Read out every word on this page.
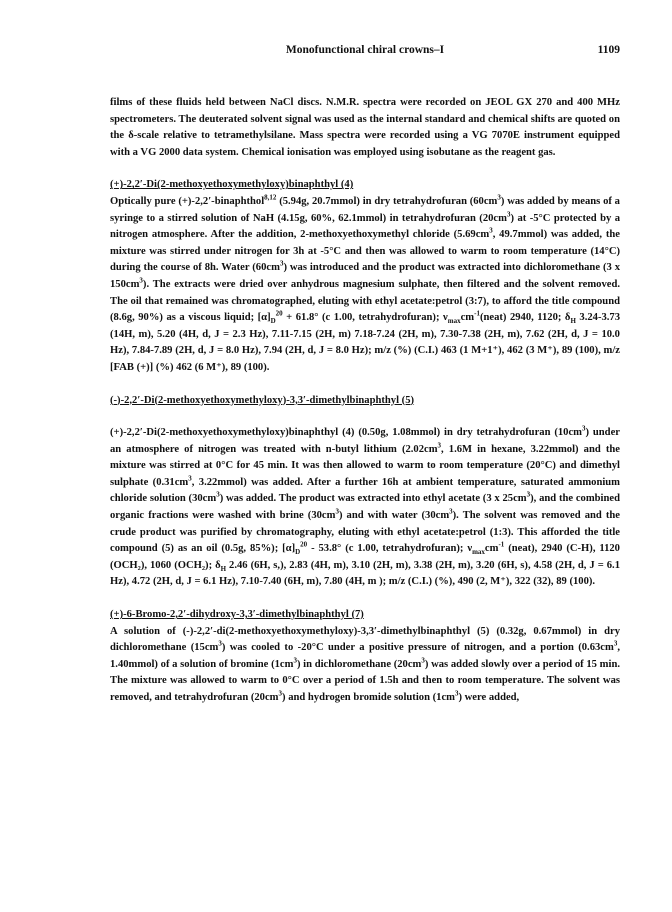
Monofunctional chiral crowns–I	1109

films of these fluids held between NaCl discs. N.M.R. spectra were recorded on JEOL GX 270 and 400 MHz spectrometers. The deuterated solvent signal was used as the internal standard and chemical shifts are quoted on the δ-scale relative to tetramethylsilane. Mass spectra were recorded using a VG 7070E instrument equipped with a VG 2000 data system. Chemical ionisation was employed using isobutane as the reagent gas.

(+)-2,2′-Di(2-methoxyethoxymethyloxy)binaphthyl (4)

Optically pure (+)-2,2′-binaphthol$^{8,12}$ (5.94g, 20.7mmol) in dry tetrahydrofuran $(60cm^3)$ was added by means of a syringe to a stirred solution of NaH (4.15g, 60%, 62.1mmol) in tetrahydrofuran $(20cm^3)$ at -5°C protected by a nitrogen atmosphere. After the addition, 2-methoxyethoxymethyl chloride ($5.69cm^3$, 49.7mmol) was added, the mixture was stirred under nitrogen for 3h at -5°C and then was allowed to warm to room temperature (14°C) during the course of 8h. Water $(60cm^3)$ was introduced and the product was extracted into dichloromethane (3 x $150cm^3$). The extracts were dried over anhydrous magnesium sulphate, then filtered and the solvent removed. The oil that remained was chromatographed, eluting with ethyl acetate:petrol (3:7), to afford the title compound (8.6g, 90%) as a viscous liquid; $[\alpha]_D^{20} + 61.8^\circ$ (c 1.00, tetrahydrofuran); $\nu_{max}cm^{-1}(neat)$ 2940, 1120; $\delta_H$ 3.24-3.73 (14H, m), 5.20 (4H, d, J = 2.3 Hz), 7.11-7.15 (2H, m) 7.18-7.24 (2H, m), 7.30-7.38 (2H, m), 7.62 (2H, d, J = 10.0 Hz), 7.84-7.89 (2H, d, J = 8.0 Hz), 7.94 (2H, d, J = 8.0 Hz); m/z (%) (C.I.) 463 (1 M+1⁺), 462 (3 M⁺), 89 (100), m/z [FAB (+)] (%) 462 (6 M⁺), 89 (100).

(-)-2,2′-Di(2-methoxyethoxymethyloxy)-3,3′-dimethylbinaphthyl (5)

(+)-2,2′-Di(2-methoxyethoxymethyloxy)binaphthyl (4) (0.50g, 1.08mmol) in dry tetrahydrofuran $(10cm^3)$ under an atmosphere of nitrogen was treated with n-butyl lithium ($2.02cm^3$, 1.6M in hexane, 3.22mmol) and the mixture was stirred at 0°C for 45 min. It was then allowed to warm to room temperature (20°C) and dimethyl sulphate ($0.31cm^3$, 3.22mmol) was added. After a further 16h at ambient temperature, saturated ammonium chloride solution $(30cm^3)$ was added. The product was extracted into ethyl acetate (3 x $25cm^3$), and the combined organic fractions were washed with brine $(30cm^3)$ and with water $(30cm^3)$. The solvent was removed and the crude product was purified by chromatography, eluting with ethyl acetate:petrol (1:3). This afforded the title compound (5) as an oil (0.5g, 85%); $[\alpha]_D^{20} - 53.8^\circ$ (c 1.00, tetrahydrofuran); $\nu_{max}cm^{-1}$ (neat), 2940 (C-H), 1120 (OCH₂), 1060 (OCH₂); $\delta_H$ 2.46 (6H, s,), 2.83 (4H, m), 3.10 (2H, m), 3.38 (2H, m), 3.20 (6H, s), 4.58 (2H, d, J = 6.1 Hz), 4.72 (2H, d, J = 6.1 Hz), 7.10-7.40 (6H, m), 7.80 (4H, m ); m/z (C.I.) (%), 490 (2, M⁺), 322 (32), 89 (100).

(+)-6-Bromo-2,2′-dihydroxy-3,3′-dimethylbinaphthyl (7)

A solution of (-)-2,2′-di(2-methoxyethoxymethyloxy)-3,3′-dimethylbinaphthyl (5) (0.32g, 0.67mmol) in dry dichloromethane $(15cm^3)$ was cooled to -20°C under a positive pressure of nitrogen, and a portion ($0.63cm^3$, 1.40mmol) of a solution of bromine $(1cm^3)$ in dichloromethane $(20cm^3)$ was added slowly over a period of 15 min. The mixture was allowed to warm to 0°C over a period of 1.5h and then to room temperature. The solvent was removed, and tetrahydrofuran $(20cm^3)$ and hydrogen bromide solution $(1cm^3)$ were added,
